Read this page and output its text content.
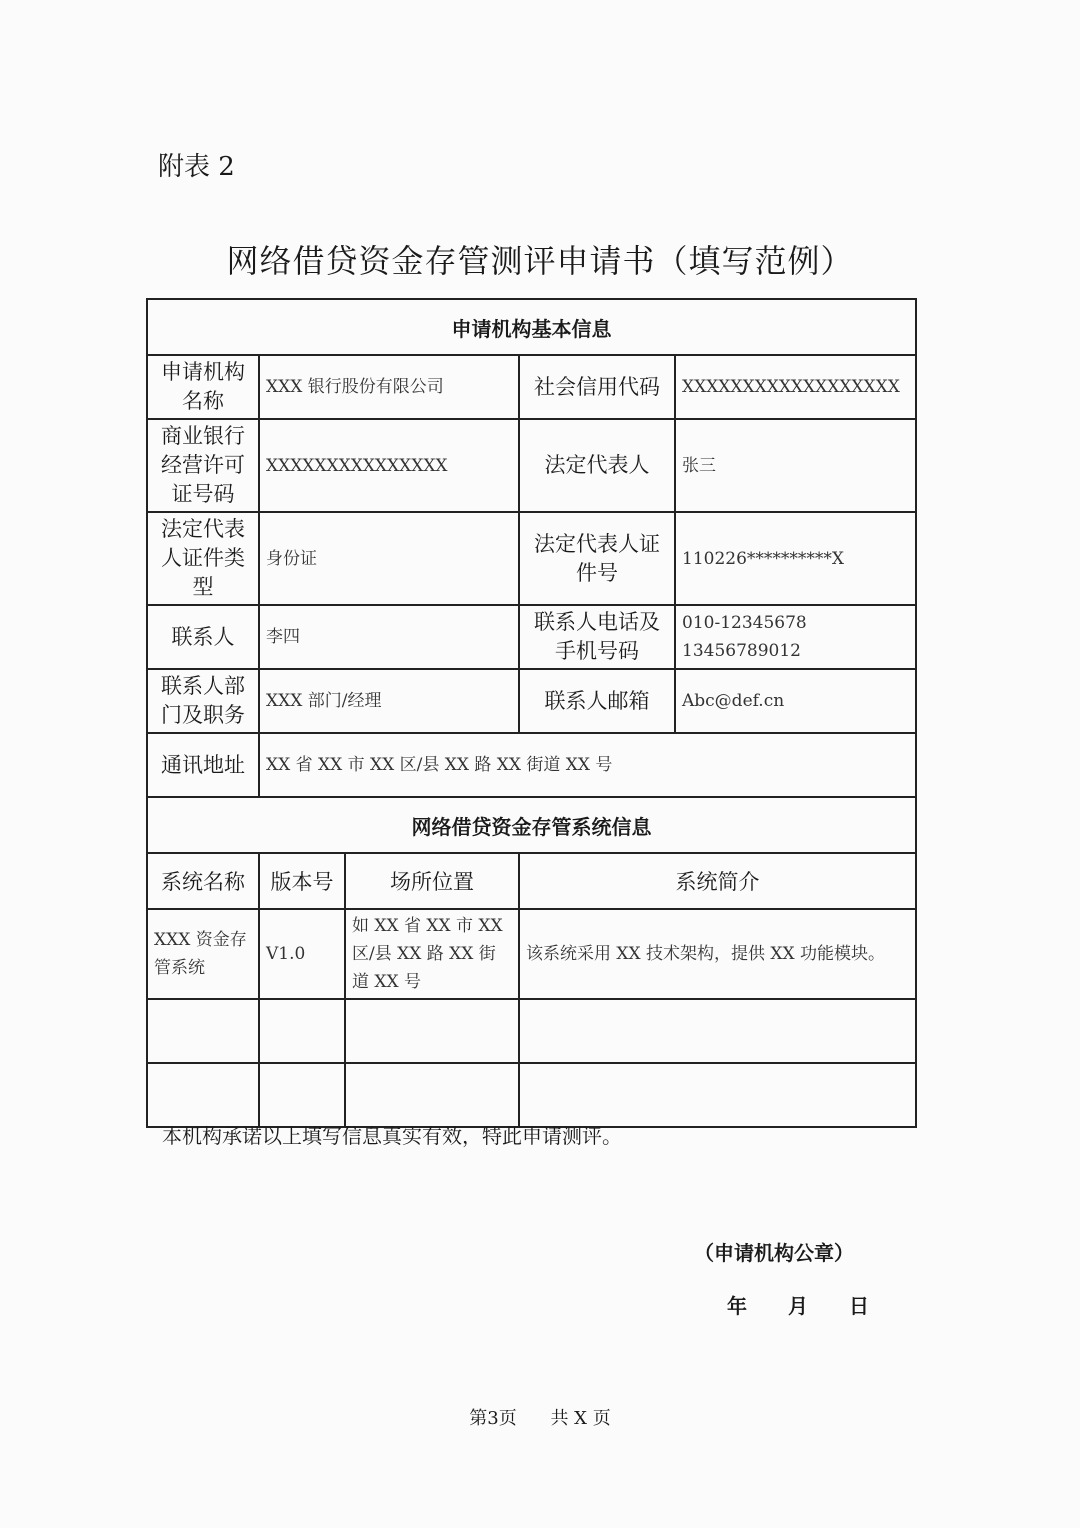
附表 2
网络借贷资金存管测评申请书（填写范例）
申请机构基本信息				
申请机构名称	XXX 银行股份有限公司		社会信用代码	XXXXXXXXXXXXXXXXXX
商业银行经营许可证号码	XXXXXXXXXXXXXXX		法定代表人	张三
法定代表人证件类型	身份证		法定代表人证件号	110226**********X
联系人	李四		联系人电话及手机号码	010-12345678
13456789012

联系人部门及职务	XXX 部门/经理		联系人邮箱	Abc@def.cn
通讯地址	XX 省 XX 市 XX 区/县 XX 路 XX 街道 XX 号			
网络借贷资金存管系统信息				
系统名称	版本号	场所位置	系统简介	
XXX 资金存管系统	V1.0	如 XX 省 XX 市 XX 区/县 XX 路 XX 街道 XX 号	该系统采用 XX 技术架构，提供 XX 功能模块。	

本机构承诺以上填写信息真实有效，特此申请测评。
（申请机构公章）
年 月 日
第3页 共 X 页
